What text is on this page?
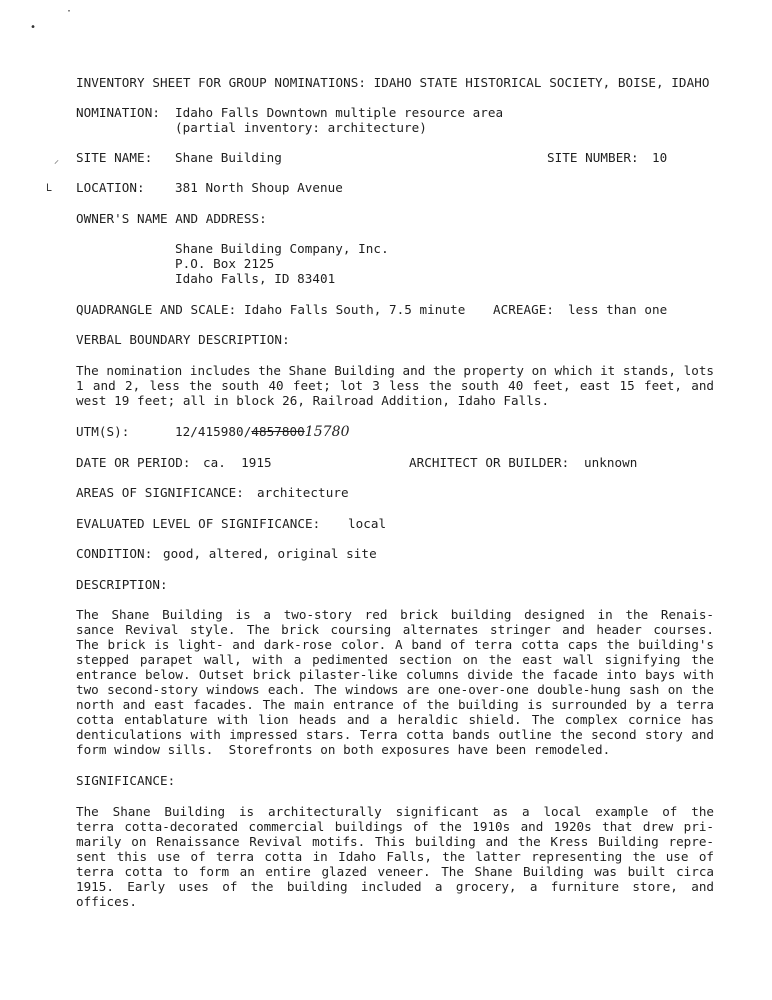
•
·
⸝
ᒪ
INVENTORY SHEET FOR GROUP NOMINATIONS: IDAHO STATE HISTORICAL SOCIETY, BOISE, IDAHO
NOMINATION: Idaho Falls Downtown multiple resource area
(partial inventory: architecture)
SITE NAME: Shane Building	SITE NUMBER: 10
LOCATION: 381 North Shoup Avenue
OWNER'S NAME AND ADDRESS:
Shane Building Company, Inc.
P.O. Box 2125
Idaho Falls, ID 83401
QUADRANGLE AND SCALE: Idaho Falls South, 7.5 minute ACREAGE: less than one
VERBAL BOUNDARY DESCRIPTION:
The nomination includes the Shane Building and the property on which it stands, lots
1 and 2, less the south 40 feet; lot 3 less the south 40 feet, east 15 feet, and
west 19 feet; all in block 26, Railroad Addition, Idaho Falls.
UTM(S):	12/415980/485780015780
DATE OR PERIOD: ca.  1915	ARCHITECT OR BUILDER: unknown
AREAS OF SIGNIFICANCE: architecture
EVALUATED LEVEL OF SIGNIFICANCE: local
CONDITION: good, altered, original site
DESCRIPTION:
The Shane Building is a two-story red brick building designed in the Renais-
sance Revival style. The brick coursing alternates stringer and header courses.
The brick is light- and dark-rose color. A band of terra cotta caps the building's
stepped parapet wall, with a pedimented section on the east wall signifying the
entrance below. Outset brick pilaster-like columns divide the facade into bays with
two second-story windows each. The windows are one-over-one double-hung sash on the
north and east facades. The main entrance of the building is surrounded by a terra
cotta entablature with lion heads and a heraldic shield. The complex cornice has
denticulations with impressed stars. Terra cotta bands outline the second story and
form window sills.  Storefronts on both exposures have been remodeled.
SIGNIFICANCE:
The Shane Building is architecturally significant as a local example of the
terra cotta-decorated commercial buildings of the 1910s and 1920s that drew pri-
marily on Renaissance Revival motifs. This building and the Kress Building repre-
sent this use of terra cotta in Idaho Falls, the latter representing the use of
terra cotta to form an entire glazed veneer. The Shane Building was built circa
1915. Early uses of the building included a grocery, a furniture store, and
offices.
